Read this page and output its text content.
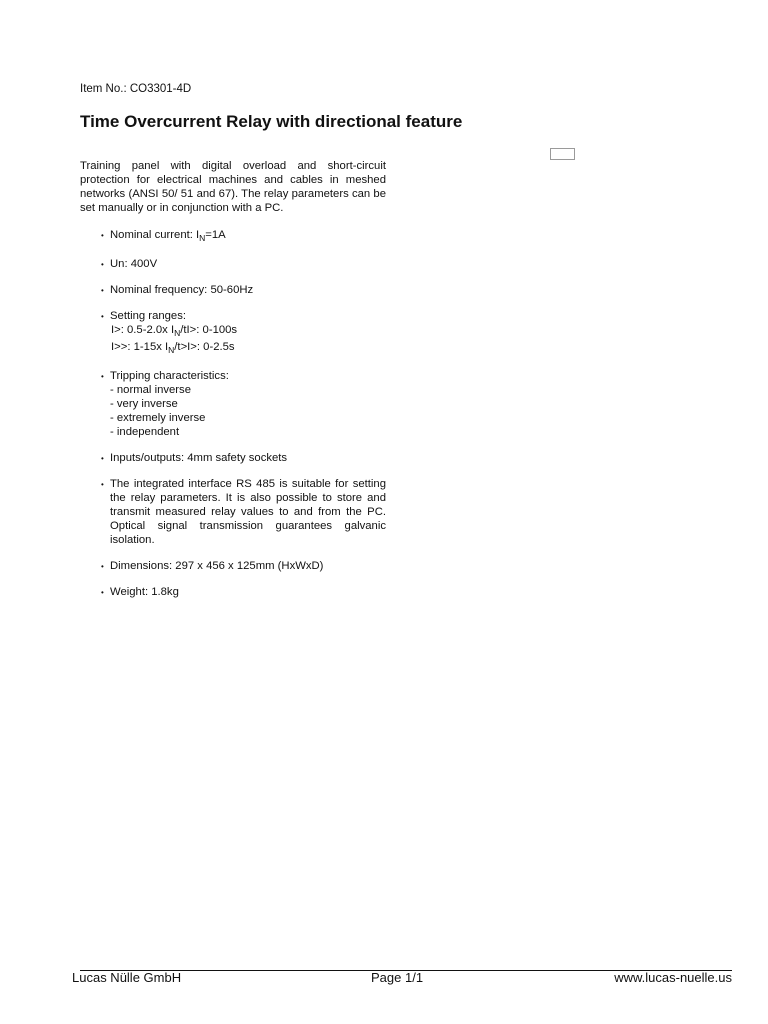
Item No.: CO3301-4D
Time Overcurrent Relay with directional feature

Training panel with digital overload and short-circuit protection for electrical machines and cables in meshed networks (ANSI 50/ 51 and 67). The relay parameters can be set manually or in conjunction with a PC.

• Nominal current: $I_N=1A$
• Un: 400V
• Nominal frequency: 50-60Hz
• Setting ranges:
I>: 0.5-2.0x $I_N/tI>$: 0-100s
I>>: 1-15x $I_N/t>I>$: 0-2.5s
• Tripping characteristics:
- normal inverse
- very inverse
- extremely inverse
- independent
• Inputs/outputs: 4mm safety sockets
• The integrated interface RS 485 is suitable for setting the relay parameters. It is also possible to store and transmit measured relay values to and from the PC. Optical signal transmission guarantees galvanic isolation.
• Dimensions: 297 x 456 x 125mm (HxWxD)
• Weight: 1.8kg
Lucas Nülle GmbH	Page 1/1	www.lucas-nuelle.us
